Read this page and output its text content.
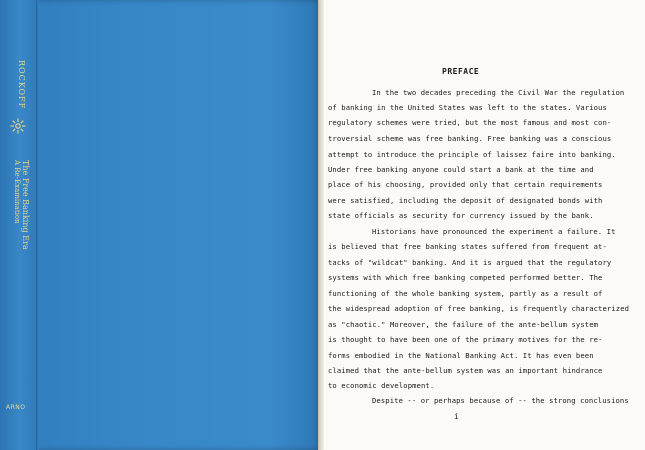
ROCKOFF
The Free Banking Era
A Re-Examination
ARNO
PREFACE
In the two decades preceding the Civil War the regulation
of banking in the United States was left to the states. Various
regulatory schemes were tried, but the most famous and most con-
troversial scheme was free banking. Free banking was a conscious
attempt to introduce the principle of laissez faire into banking.
Under free banking anyone could start a bank at the time and
place of his choosing, provided only that certain requirements
were satisfied, including the deposit of designated bonds with
state officials as security for currency issued by the bank.
Historians have pronounced the experiment a failure. It
is believed that free banking states suffered from frequent at-
tacks of "wildcat" banking. And it is argued that the regulatory
systems with which free banking competed performed better. The
functioning of the whole banking system, partly as a result of
the widespread adoption of free banking, is frequently characterized
as "chaotic." Moreover, the failure of the ante-bellum system
is thought to have been one of the primary motives for the re-
forms embodied in the National Banking Act. It has even been
claimed that the ante-bellum system was an important hindrance
to economic development.
Despite -- or perhaps because of -- the strong conclusions
i
